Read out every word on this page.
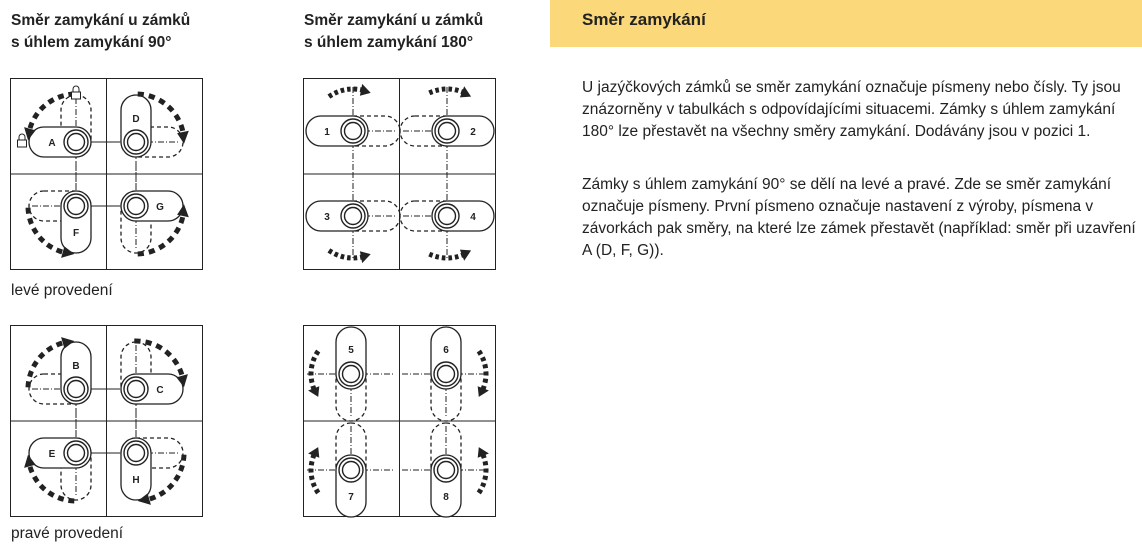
Směr zamykání u zámků
s úhlem zamykání 90°
Směr zamykání u zámků
s úhlem zamykání 180°
A
D
F
G
1	2
3	4
B
C
E
H
5	6
7	8
levé provedení
pravé provedení
Směr zamykání

U jazýčkových zámků se směr zamykání označuje písmeny nebo čísly. Ty jsou znázorněny v tabulkách s odpovídajícími situacemi. Zámky s úhlem zamykání 180° lze přestavět na všechny směry zamykání. Dodávány jsou v pozici 1.

Zámky s úhlem zamykání 90° se dělí na levé a pravé. Zde se směr zamykání označuje písmeny. První písmeno označuje nastavení z výroby, písmena v závorkách pak směry, na které lze zámek přestavět (například: směr při uzavření A (D, F, G)).
